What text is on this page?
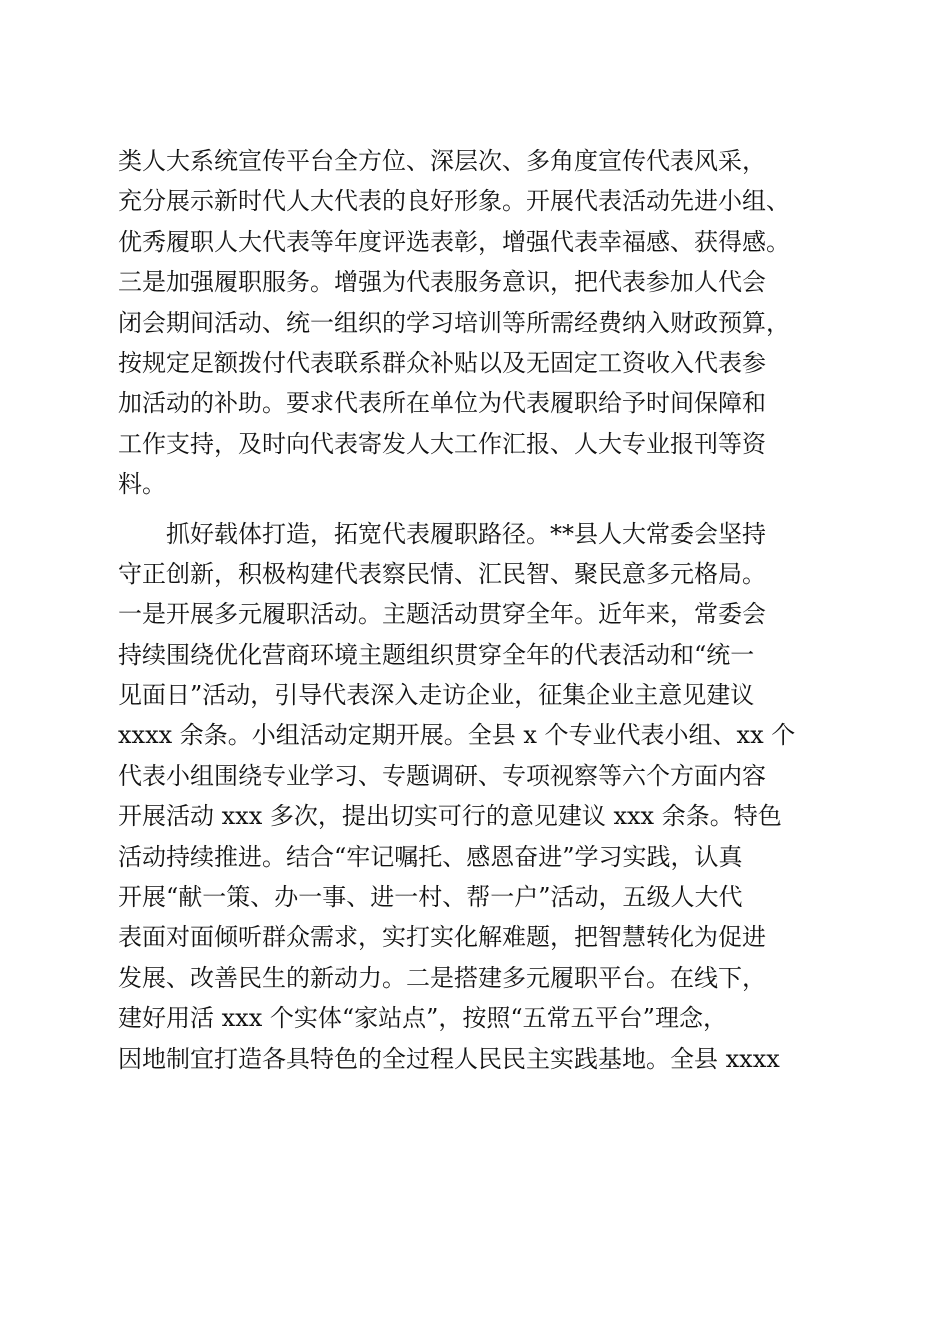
类人大系统宣传平台全方位、深层次、多角度宣传代表风采，
充分展示新时代人大代表的良好形象。开展代表活动先进小组、
优秀履职人大代表等年度评选表彰，增强代表幸福感、获得感。
三是加强履职服务。增强为代表服务意识，把代表参加人代会
闭会期间活动、统一组织的学习培训等所需经费纳入财政预算，
按规定足额拨付代表联系群众补贴以及无固定工资收入代表参
加活动的补助。要求代表所在单位为代表履职给予时间保障和
工作支持，及时向代表寄发人大工作汇报、人大专业报刊等资
料。
抓好载体打造，拓宽代表履职路径。**县人大常委会坚持
守正创新，积极构建代表察民情、汇民智、聚民意多元格局。
一是开展多元履职活动。主题活动贯穿全年。近年来，常委会
持续围绕优化营商环境主题组织贯穿全年的代表活动和“统一
见面日”活动，引导代表深入走访企业，征集企业主意见建议
xxxx 余条。小组活动定期开展。全县 x 个专业代表小组、xx 个
代表小组围绕专业学习、专题调研、专项视察等六个方面内容
开展活动 xxx 多次，提出切实可行的意见建议 xxx 余条。特色
活动持续推进。结合“牢记嘱托、感恩奋进”学习实践，认真
开展“献一策、办一事、进一村、帮一户”活动，五级人大代
表面对面倾听群众需求，实打实化解难题，把智慧转化为促进
发展、改善民生的新动力。二是搭建多元履职平台。在线下，
建好用活 xxx 个实体“家站点”，按照“五常五平台”理念，
因地制宜打造各具特色的全过程人民民主实践基地。全县 xxxx
